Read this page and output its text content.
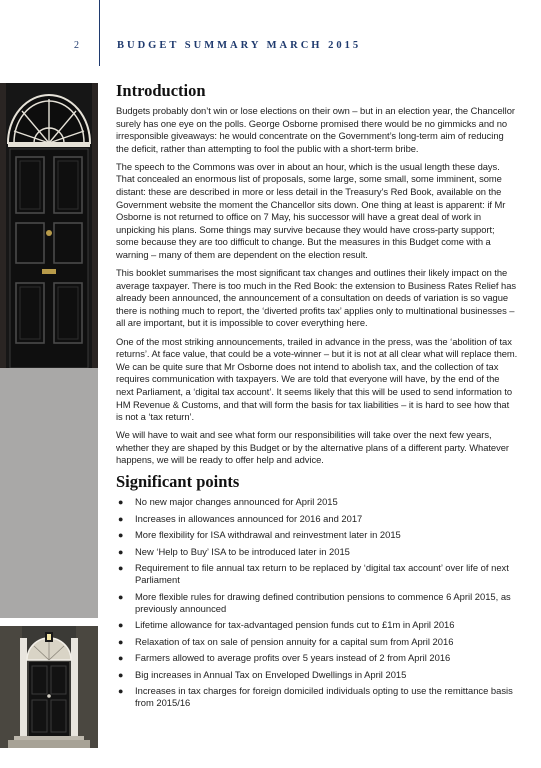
2	BUDGET SUMMARY MARCH 2015
Introduction

Budgets probably don’t win or lose elections on their own – but in an election year, the Chancellor surely has one eye on the polls. George Osborne promised there would be no gimmicks and no irresponsible giveaways: he would concentrate on the Government’s long-term aim of reducing the deficit, rather than attempting to fool the public with a short-term bribe.

The speech to the Commons was over in about an hour, which is the usual length these days. That concealed an enormous list of proposals, some large, some small, some imminent, some distant: these are described in more or less detail in the Treasury’s Red Book, available on the Government website the moment the Chancellor sits down. One thing at least is apparent: if Mr Osborne is not returned to office on 7 May, his successor will have a great deal of work in unpicking his plans. Some things may survive because they would have cross-party support; some because they are too difficult to change. But the measures in this Budget come with a warning – many of them are dependent on the election result.

This booklet summarises the most significant tax changes and outlines their likely impact on the average taxpayer. There is too much in the Red Book: the extension to Business Rates Relief has already been announced, the announcement of a consultation on deeds of variation is so vague there is nothing much to report, the ‘diverted profits tax’ applies only to multinational businesses – all are important, but it is impossible to cover everything here.

One of the most striking announcements, trailed in advance in the press, was the ‘abolition of tax returns’. At face value, that could be a vote-winner – but it is not at all clear what will replace them. We can be quite sure that Mr Osborne does not intend to abolish tax, and the collection of tax requires communication with taxpayers. We are told that everyone will have, by the end of the next Parliament, a ‘digital tax account’. It seems likely that this will be used to send information to HM Revenue & Customs, and that will form the basis for tax liabilities – it is hard to see how that is not a ‘tax return’.

We will have to wait and see what form our responsibilities will take over the next few years, whether they are shaped by this Budget or by the alternative plans of a different party. Whatever happens, we will be ready to offer help and advice.

Significant points
● No new major changes announced for April 2015
● Increases in allowances announced for 2016 and 2017
● More flexibility for ISA withdrawal and reinvestment later in 2015
● New ‘Help to Buy’ ISA to be introduced later in 2015
● Requirement to file annual tax return to be replaced by ‘digital tax account’ over life of next Parliament
● More flexible rules for drawing defined contribution pensions to commence 6 April 2015, as previously announced
● Lifetime allowance for tax-advantaged pension funds cut to £1m in April 2016
● Relaxation of tax on sale of pension annuity for a capital sum from April 2016
● Farmers allowed to average profits over 5 years instead of 2 from April 2016
● Big increases in Annual Tax on Enveloped Dwellings in April 2015
● Increases in tax charges for foreign domiciled individuals opting to use the remittance basis from 2015/16
